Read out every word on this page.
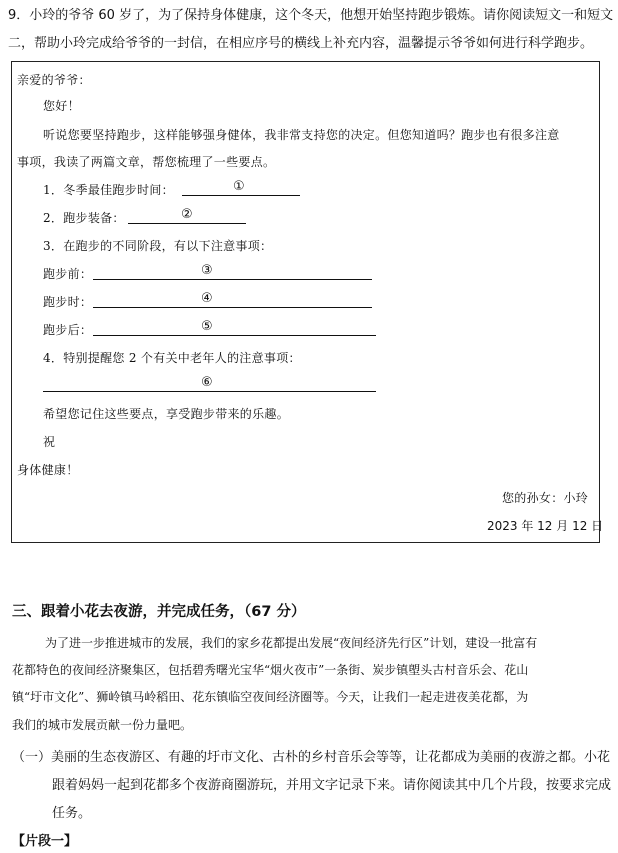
9．小玲的爷爷 60 岁了，为了保持身体健康，这个冬天，他想开始坚持跑步锻炼。请你阅读短文一和短文
二，帮助小玲完成给爷爷的一封信，在相应序号的横线上补充内容，温馨提示爷爷如何进行科学跑步。
亲爱的爷爷：
您好！
听说您要坚持跑步，这样能够强身健体，我非常支持您的决定。但您知道吗？跑步也有很多注意
事项，我读了两篇文章，帮您梳理了一些要点。
1．冬季最佳跑步时间：	①
2．跑步装备：	②
3．在跑步的不同阶段，有以下注意事项：
跑步前：	③
跑步时：	④
跑步后：	⑤
4．特别提醒您 2 个有关中老年人的注意事项：
⑥
希望您记住这些要点，享受跑步带来的乐趣。
祝
身体健康！
您的孙女：小玲
2023 年 12 月 12 日
三、跟着小花去夜游，并完成任务，（67 分）
为了进一步推进城市的发展，我们的家乡花都提出发展“夜间经济先行区”计划，建设一批富有
花都特色的夜间经济聚集区，包括碧秀曙光宝华“烟火夜市”一条街、炭步镇塱头古村音乐会、花山
镇“圩市文化”、狮岭镇马岭稻田、花东镇临空夜间经济圈等。今天，让我们一起走进夜美花都，为
我们的城市发展贡献一份力量吧。
（一）美丽的生态夜游区、有趣的圩市文化、古朴的乡村音乐会等等，让花都成为美丽的夜游之都。小花
跟着妈妈一起到花都多个夜游商圈游玩，并用文字记录下来。请你阅读其中几个片段，按要求完成
任务。
【片段一】
